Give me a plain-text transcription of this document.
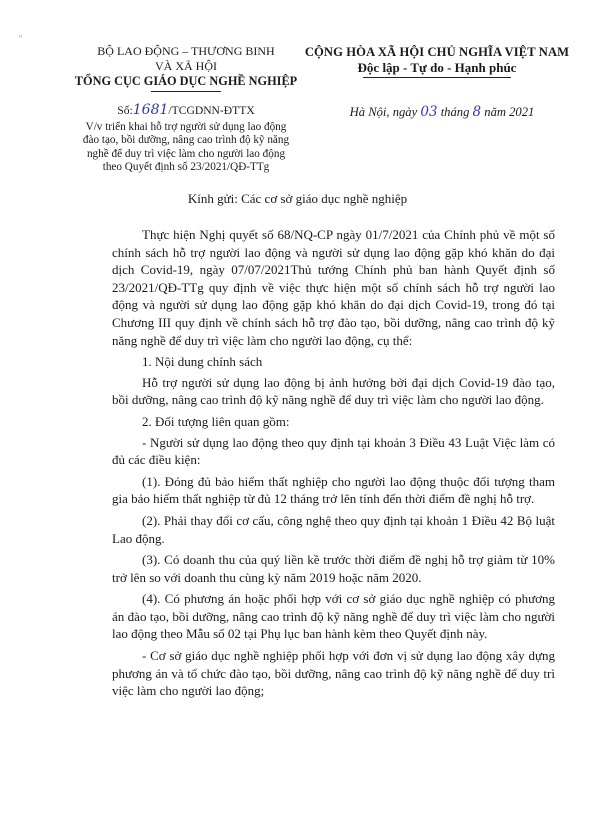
"
BỘ LAO ĐỘNG – THƯƠNG BINH
VÀ XÃ HỘI
TỔNG CỤC GIÁO DỤC NGHỀ NGHIỆP
CỘNG HÒA XÃ HỘI CHỦ NGHĨA VIỆT NAM
Độc lập - Tự do - Hạnh phúc
Số:1681/TCGDNN-ĐTTX
V/v triển khai hỗ trợ người sử dụng lao động
đào tạo, bồi dưỡng, nâng cao trình độ kỹ năng
nghề để duy trì việc làm cho người lao động
theo Quyết định số 23/2021/QĐ-TTg
Hà Nội, ngày 03 tháng 8 năm 2021
Kính gửi: Các cơ sở giáo dục nghề nghiệp

Thực hiện Nghị quyết số 68/NQ-CP ngày 01/7/2021 của Chính phủ về một số chính sách hỗ trợ người lao động và người sử dụng lao động gặp khó khăn do đại dịch Covid-19, ngày 07/07/2021Thủ tướng Chính phủ ban hành Quyết định số 23/2021/QĐ-TTg quy định về việc thực hiện một số chính sách hỗ trợ người lao động và người sử dụng lao động gặp khó khăn do đại dịch Covid-19, trong đó tại Chương III quy định về chính sách hỗ trợ đào tạo, bồi dưỡng, nâng cao trình độ kỹ năng nghề để duy trì việc làm cho người lao động, cụ thể:

1. Nội dung chính sách

Hỗ trợ người sử dụng lao động bị ảnh hưởng bởi đại dịch Covid-19 đào tạo, bồi dưỡng, nâng cao trình độ kỹ năng nghề để duy trì việc làm cho người lao động.

2. Đối tượng liên quan gồm:

- Người sử dụng lao động theo quy định tại khoản 3 Điều 43 Luật Việc làm có đủ các điều kiện:

(1). Đóng đủ bảo hiểm thất nghiệp cho người lao động thuộc đối tượng tham gia bảo hiểm thất nghiệp từ đủ 12 tháng trở lên tính đến thời điểm đề nghị hỗ trợ.

(2). Phải thay đổi cơ cấu, công nghệ theo quy định tại khoản 1 Điều 42 Bộ luật Lao động.

(3). Có doanh thu của quý liền kề trước thời điểm đề nghị hỗ trợ giảm từ 10% trở lên so với doanh thu cùng kỳ năm 2019 hoặc năm 2020.

(4). Có phương án hoặc phối hợp với cơ sở giáo dục nghề nghiệp có phương án đào tạo, bồi dưỡng, nâng cao trình độ kỹ năng nghề để duy trì việc làm cho người lao động theo Mẫu số 02 tại Phụ lục ban hành kèm theo Quyết định này.

- Cơ sở giáo dục nghề nghiệp phối hợp với đơn vị sử dụng lao động xây dựng phương án và tổ chức đào tạo, bồi dưỡng, nâng cao trình độ kỹ năng nghề để duy trì việc làm cho người lao động;
